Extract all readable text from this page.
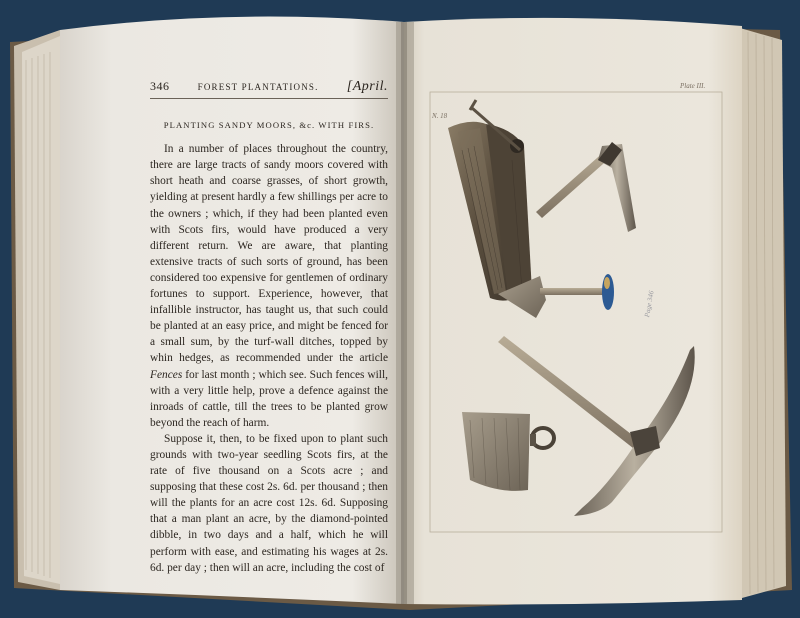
N. 18
Plate III.
Page 346
346	FOREST PLANTATIONS. [April.
PLANTING SANDY MOORS, &c. WITH FIRS.

In a number of places throughout the country, there are large tracts of sandy moors covered with short heath and coarse grasses, of short growth, yielding at present hardly a few shillings per acre to the owners ; which, if they had been planted even with Scots firs, would have produced a very different return. We are aware, that planting extensive tracts of such sorts of ground, has been considered too expensive for gentlemen of ordinary fortunes to support. Experience, however, that infallible instructor, has taught us, that such could be planted at an easy price, and might be fenced for a small sum, by the turf-wall ditches, topped by whin hedges, as recommended under the article Fences for last month ; which see. Such fences will, with a very little help, prove a defence against the inroads of cattle, till the trees to be planted grow beyond the reach of harm.

Suppose it, then, to be fixed upon to plant such grounds with two-year seedling Scots firs, at the rate of five thousand on a Scots acre ; and supposing that these cost 2s. 6d. per thousand ; then will the plants for an acre cost 12s. 6d. Supposing that a man plant an acre, by the diamond-pointed dibble, in two days and a half, which he will perform with ease, and estimating his wages at 2s. 6d. per day ; then will an acre, including the cost of
